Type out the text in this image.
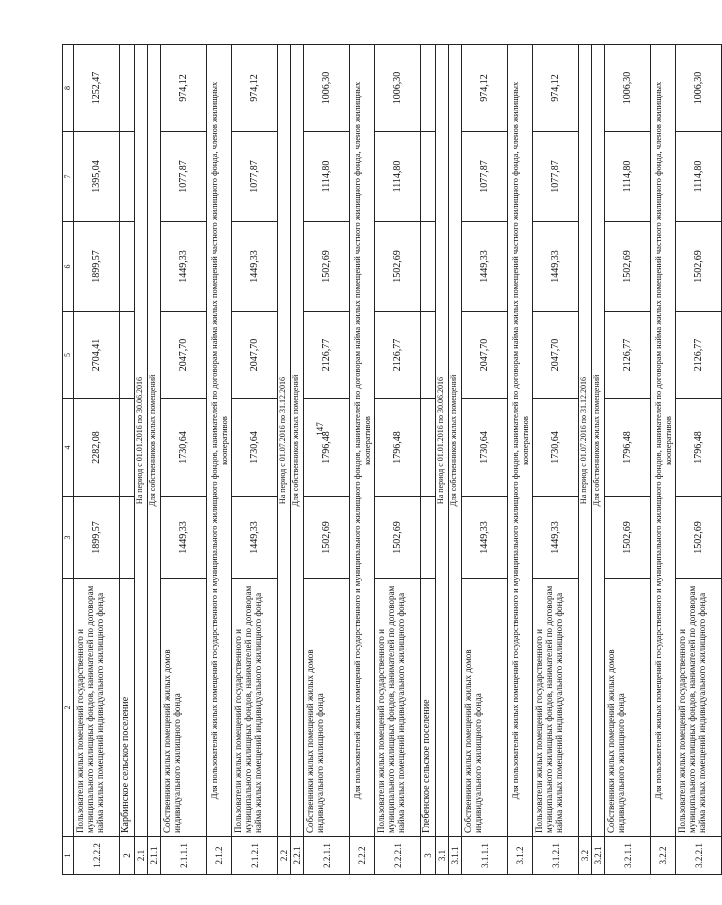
147
1	2	3	4	5	6	7	8
1.2.2.2	Пользователи жилых помещений государственного и муниципального жилищных фондов, нанимателей по договорам найма жилых помещений индивидуального жилищного фонда	1899,57	2282,08	2704,41	1899,57	1395,04	1252,47
2	Карбинское сельское поселение						
2.1	На период с 01.01.2016 по 30.06.2016						
2.1.1	Для собственников жилых помещений						
2.1.1.1	Собственники жилых помещений жилых домов индивидуального жилищного фонда	1449,33	1730,64	2047,70	1449,33	1077,87	974,12
2.1.2	Для пользователей жилых помещений государственного и муниципального жилищного фондов, нанимателей по договорам найма жилых помещений частного жилищного фонда, членов жилищных кооперативов						
2.1.2.1	Пользователи жилых помещений государственного и муниципального жилищных фондов, нанимателей по договорам найма жилых помещений индивидуального жилищного фонда	1449,33	1730,64	2047,70	1449,33	1077,87	974,12
2.2	На период с 01.07.2016 по 31.12.2016						
2.2.1	Для собственников жилых помещений						
2.2.1.1	Собственники жилых помещений жилых домов индивидуального жилищного фонда	1502,69	1796,48	2126,77	1502,69	1114,80	1006,30
2.2.2	Для пользователей жилых помещений государственного и муниципального жилищного фондов, нанимателей по договорам найма жилых помещений частного жилищного фонда, членов жилищных кооперативов						
2.2.2.1	Пользователи жилых помещений государственного и муниципального жилищных фондов, нанимателей по договорам найма жилых помещений индивидуального жилищного фонда	1502,69	1796,48	2126,77	1502,69	1114,80	1006,30
3	Глебенское сельское поселение						
3.1	На период с 01.01.2016 по 30.06.2016						
3.1.1	Для собственников жилых помещений						
3.1.1.1	Собственники жилых помещений жилых домов индивидуального жилищного фонда	1449,33	1730,64	2047,70	1449,33	1077,87	974,12
3.1.2	Для пользователей жилых помещений государственного и муниципального жилищного фондов, нанимателей по договорам найма жилых помещений частного жилищного фонда, членов жилищных кооперативов						
3.1.2.1	Пользователи жилых помещений государственного и муниципального жилищных фондов, нанимателей по договорам найма жилых помещений индивидуального жилищного фонда	1449,33	1730,64	2047,70	1449,33	1077,87	974,12
3.2	На период с 01.07.2016 по 31.12.2016						
3.2.1	Для собственников жилых помещений						
3.2.1.1	Собственники жилых помещений жилых домов индивидуального жилищного фонда	1502,69	1796,48	2126,77	1502,69	1114,80	1006,30
3.2.2	Для пользователей жилых помещений государственного и муниципального жилищного фондов, нанимателей по договорам найма жилых помещений частного жилищного фонда, членов жилищных кооперативов						
3.2.2.1	Пользователи жилых помещений государственного и муниципального жилищных фондов, нанимателей по договорам найма жилых помещений индивидуального жилищного фонда	1502,69	1796,48	2126,77	1502,69	1114,80	1006,30
